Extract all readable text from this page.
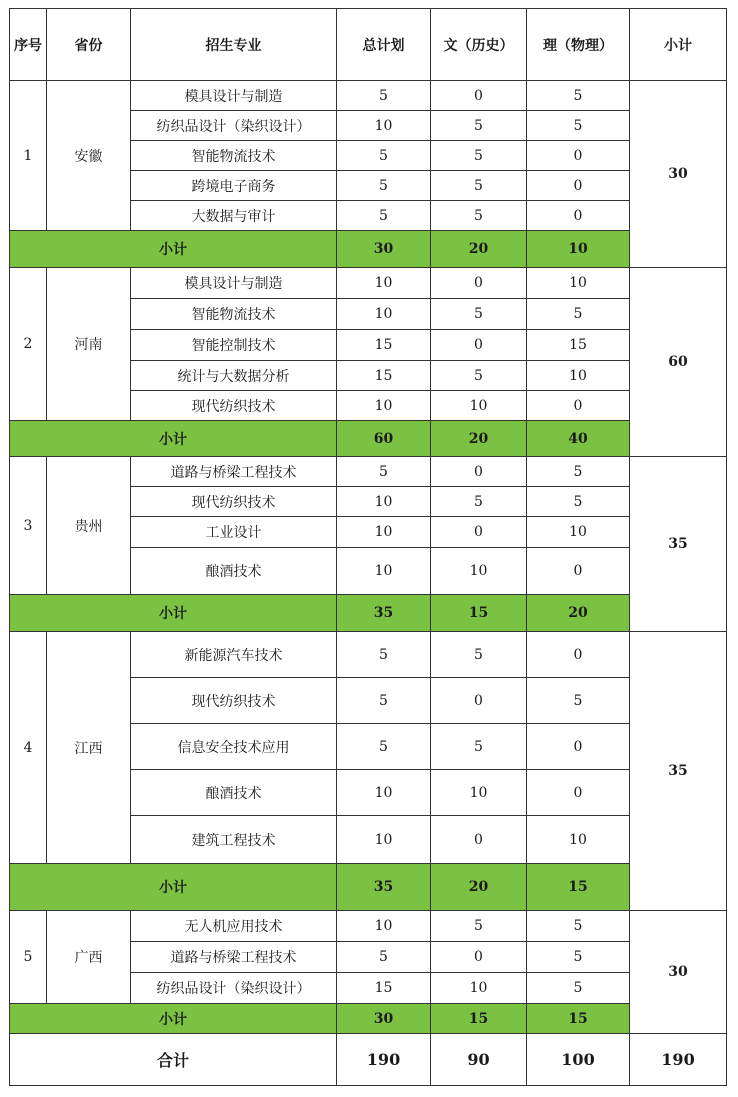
序号	省份	招生专业	总计划	文（历史）	理（物理）	小计
1	安徽	模具设计与制造	5	0	5	30
		纺织品设计（染织设计）	10	5	5	
		智能物流技术	5	5	0	
		跨境电子商务	5	5	0	
		大数据与审计	5	5	0	
小计			30	20	10	
2	河南	模具设计与制造	10	0	10	60
		智能物流技术	10	5	5	
		智能控制技术	15	0	15	
		统计与大数据分析	15	5	10	
		现代纺织技术	10	10	0	
小计			60	20	40	
3	贵州	道路与桥梁工程技术	5	0	5	35
		现代纺织技术	10	5	5	
		工业设计	10	0	10	
		酿酒技术	10	10	0	
小计			35	15	20	
4	江西	新能源汽车技术	5	5	0	35
		现代纺织技术	5	0	5	
		信息安全技术应用	5	5	0	
		酿酒技术	10	10	0	
		建筑工程技术	10	0	10	
小计			35	20	15	
5	广西	无人机应用技术	10	5	5	30
		道路与桥梁工程技术	5	0	5	
		纺织品设计（染织设计）	15	10	5	
小计			30	15	15	
合计			190	90	100	190
